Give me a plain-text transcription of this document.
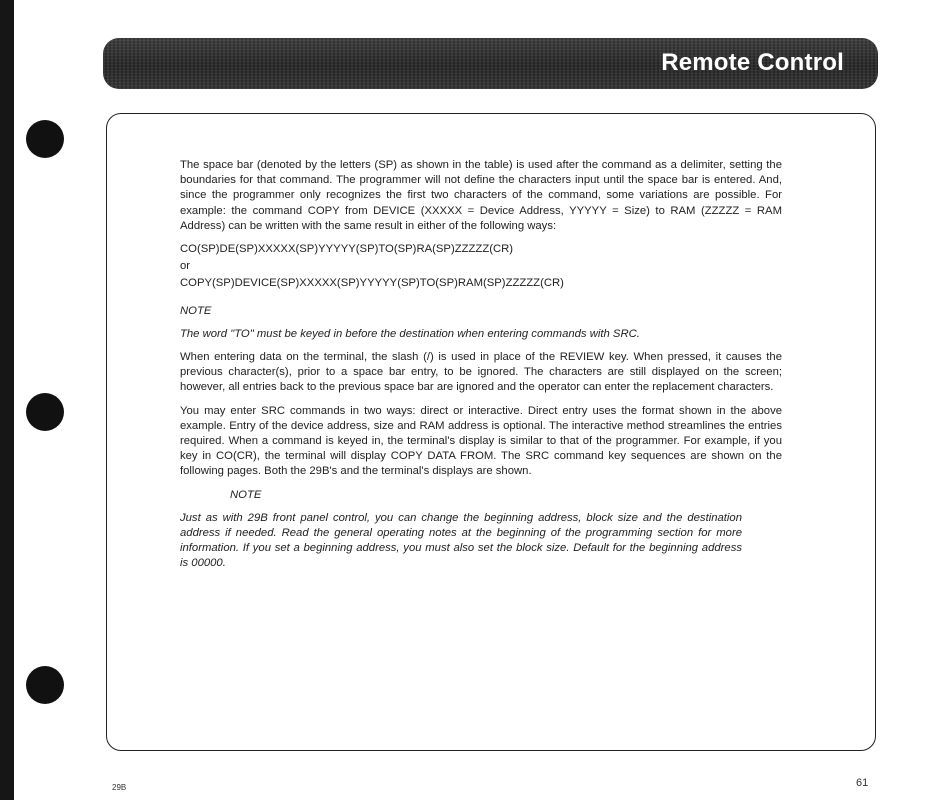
Remote Control

The space bar (denoted by the letters (SP) as shown in the table) is used after the command as a delimiter, setting the boundaries for that command. The programmer will not define the characters input until the space bar is entered. And, since the programmer only recognizes the first two characters of the command, some variations are possible. For example: the command COPY from DEVICE (XXXXX = Device Address, YYYYY = Size) to RAM (ZZZZZ = RAM Address) can be written with the same result in either of the following ways:

CO(SP)DE(SP)XXXXX(SP)YYYYY(SP)TO(SP)RA(SP)ZZZZZ(CR)

or

COPY(SP)DEVICE(SP)XXXXX(SP)YYYYY(SP)TO(SP)RAM(SP)ZZZZZ(CR)

NOTE

The word "TO" must be keyed in before the destination when entering commands with SRC.

When entering data on the terminal, the slash (/) is used in place of the REVIEW key. When pressed, it causes the previous character(s), prior to a space bar entry, to be ignored. The characters are still displayed on the screen; however, all entries back to the previous space bar are ignored and the operator can enter the replacement characters.

You may enter SRC commands in two ways: direct or interactive. Direct entry uses the format shown in the above example. Entry of the device address, size and RAM address is optional. The interactive method streamlines the entries required. When a command is keyed in, the terminal's display is similar to that of the programmer. For example, if you key in CO(CR), the terminal will display COPY DATA FROM. The SRC command key sequences are shown on the following pages. Both the 29B's and the terminal's displays are shown.

NOTE

Just as with 29B front panel control, you can change the beginning address, block size and the destination address if needed. Read the general operating notes at the beginning of the programming section for more information. If you set a beginning address, you must also set the block size. Default for the beginning address is 00000.

29B	61
